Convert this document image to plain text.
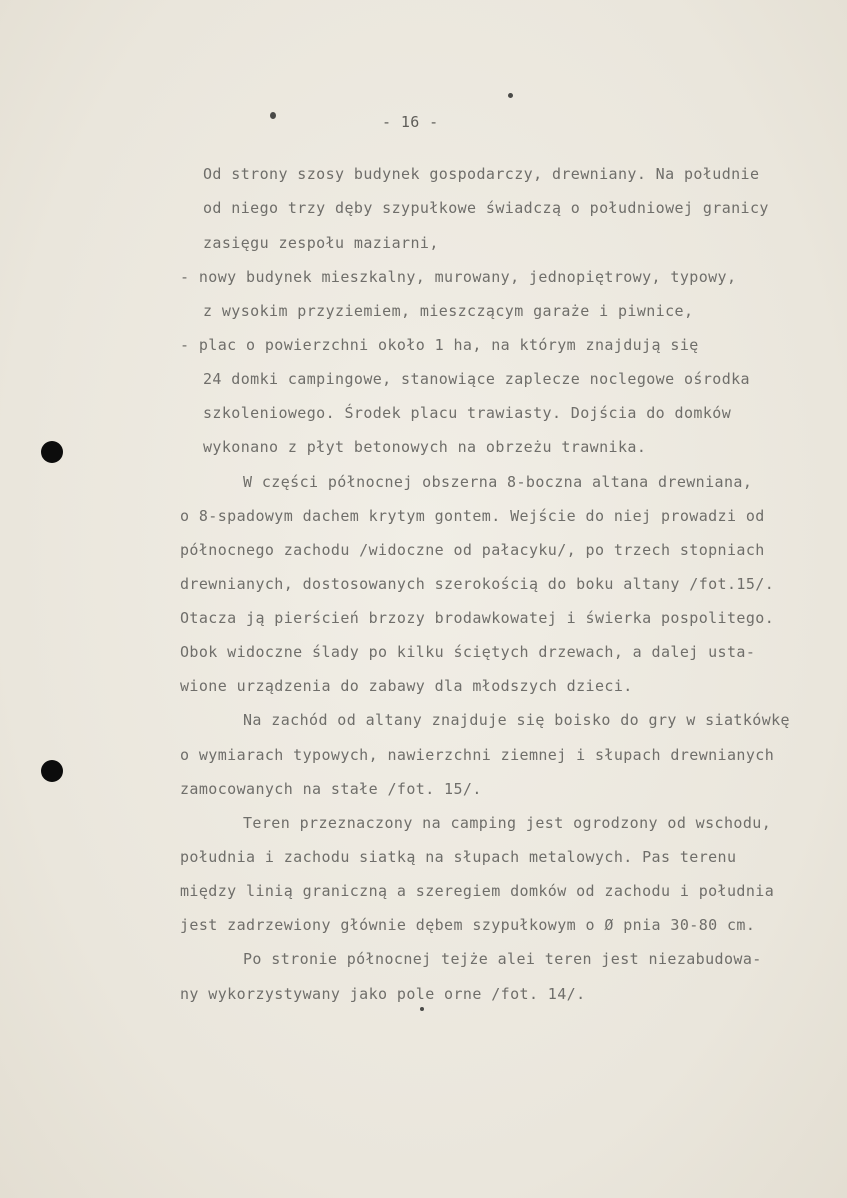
- 16 -
Od strony szosy budynek gospodarczy, drewniany. Na południe
od niego trzy dęby szypułkowe świadczą o południowej granicy
zasięgu zespołu maziarni,
- nowy budynek mieszkalny, murowany, jednopiętrowy, typowy,
z wysokim przyziemiem, mieszczącym garaże i piwnice,
- plac o powierzchni około 1 ha, na którym znajdują się
24 domki campingowe, stanowiące zaplecze noclegowe ośrodka
szkoleniowego. Środek placu trawiasty. Dojścia do domków
wykonano z płyt betonowych na obrzeżu trawnika.
W części północnej obszerna 8-boczna altana drewniana,
o 8-spadowym dachem krytym gontem. Wejście do niej prowadzi od
północnego zachodu /widoczne od pałacyku/, po trzech stopniach
drewnianych, dostosowanych szerokością do boku altany /fot.15/.
Otacza ją pierścień brzozy brodawkowatej i świerka pospolitego.
Obok widoczne ślady po kilku ściętych drzewach, a dalej usta-
wione urządzenia do zabawy dla młodszych dzieci.
Na zachód od altany znajduje się boisko do gry w siatkówkę
o wymiarach typowych, nawierzchni ziemnej i słupach drewnianych
zamocowanych na stałe /fot. 15/.
Teren przeznaczony na camping jest ogrodzony od wschodu,
południa i zachodu siatką na słupach metalowych. Pas terenu
między linią graniczną a szeregiem domków od zachodu i południa
jest zadrzewiony głównie dębem szypułkowym o Ø pnia 30-80 cm.
Po stronie północnej tejże alei teren jest niezabudowa-
ny wykorzystywany jako pole orne /fot. 14/.
